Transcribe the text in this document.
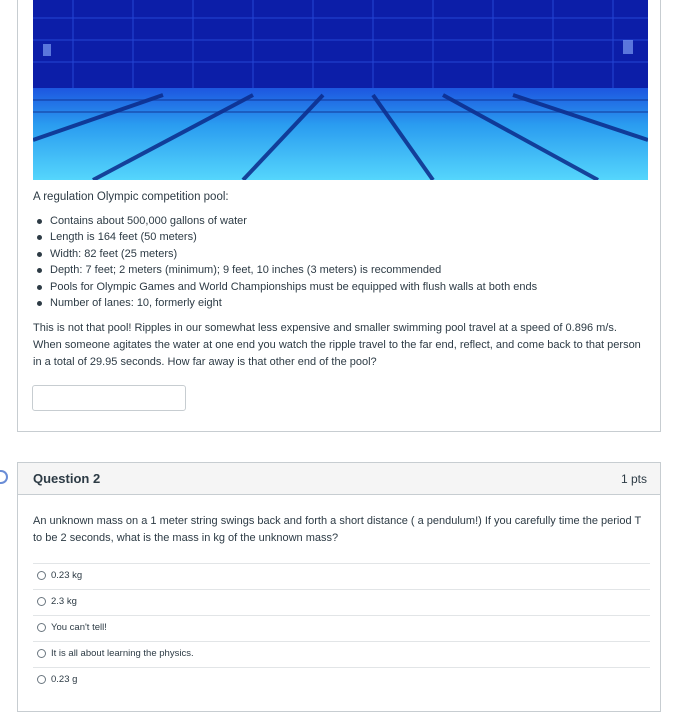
A regulation Olympic competition pool:
Contains about 500,000 gallons of water
Length is 164 feet (50 meters)
Width: 82 feet (25 meters)
Depth: 7 feet; 2 meters (minimum); 9 feet, 10 inches (3 meters) is recommended
Pools for Olympic Games and World Championships must be equipped with flush walls at both ends
Number of lanes: 10, formerly eight

This is not that pool! Ripples in our somewhat less expensive and smaller swimming pool travel at a speed of 0.896 m/s. When someone agitates the water at one end you watch the ripple travel to the far end, reflect, and come back to that person in a total of 29.95 seconds. How far away is that other end of the pool?

Question 2	1 pts

An unknown mass on a 1 meter string swings back and forth a short distance ( a pendulum!) If you carefully time the period T to be 2 seconds, what is the mass in kg of the unknown mass?

0.23 kg
2.3 kg
You can't tell!
It is all about learning the physics.
0.23 g
